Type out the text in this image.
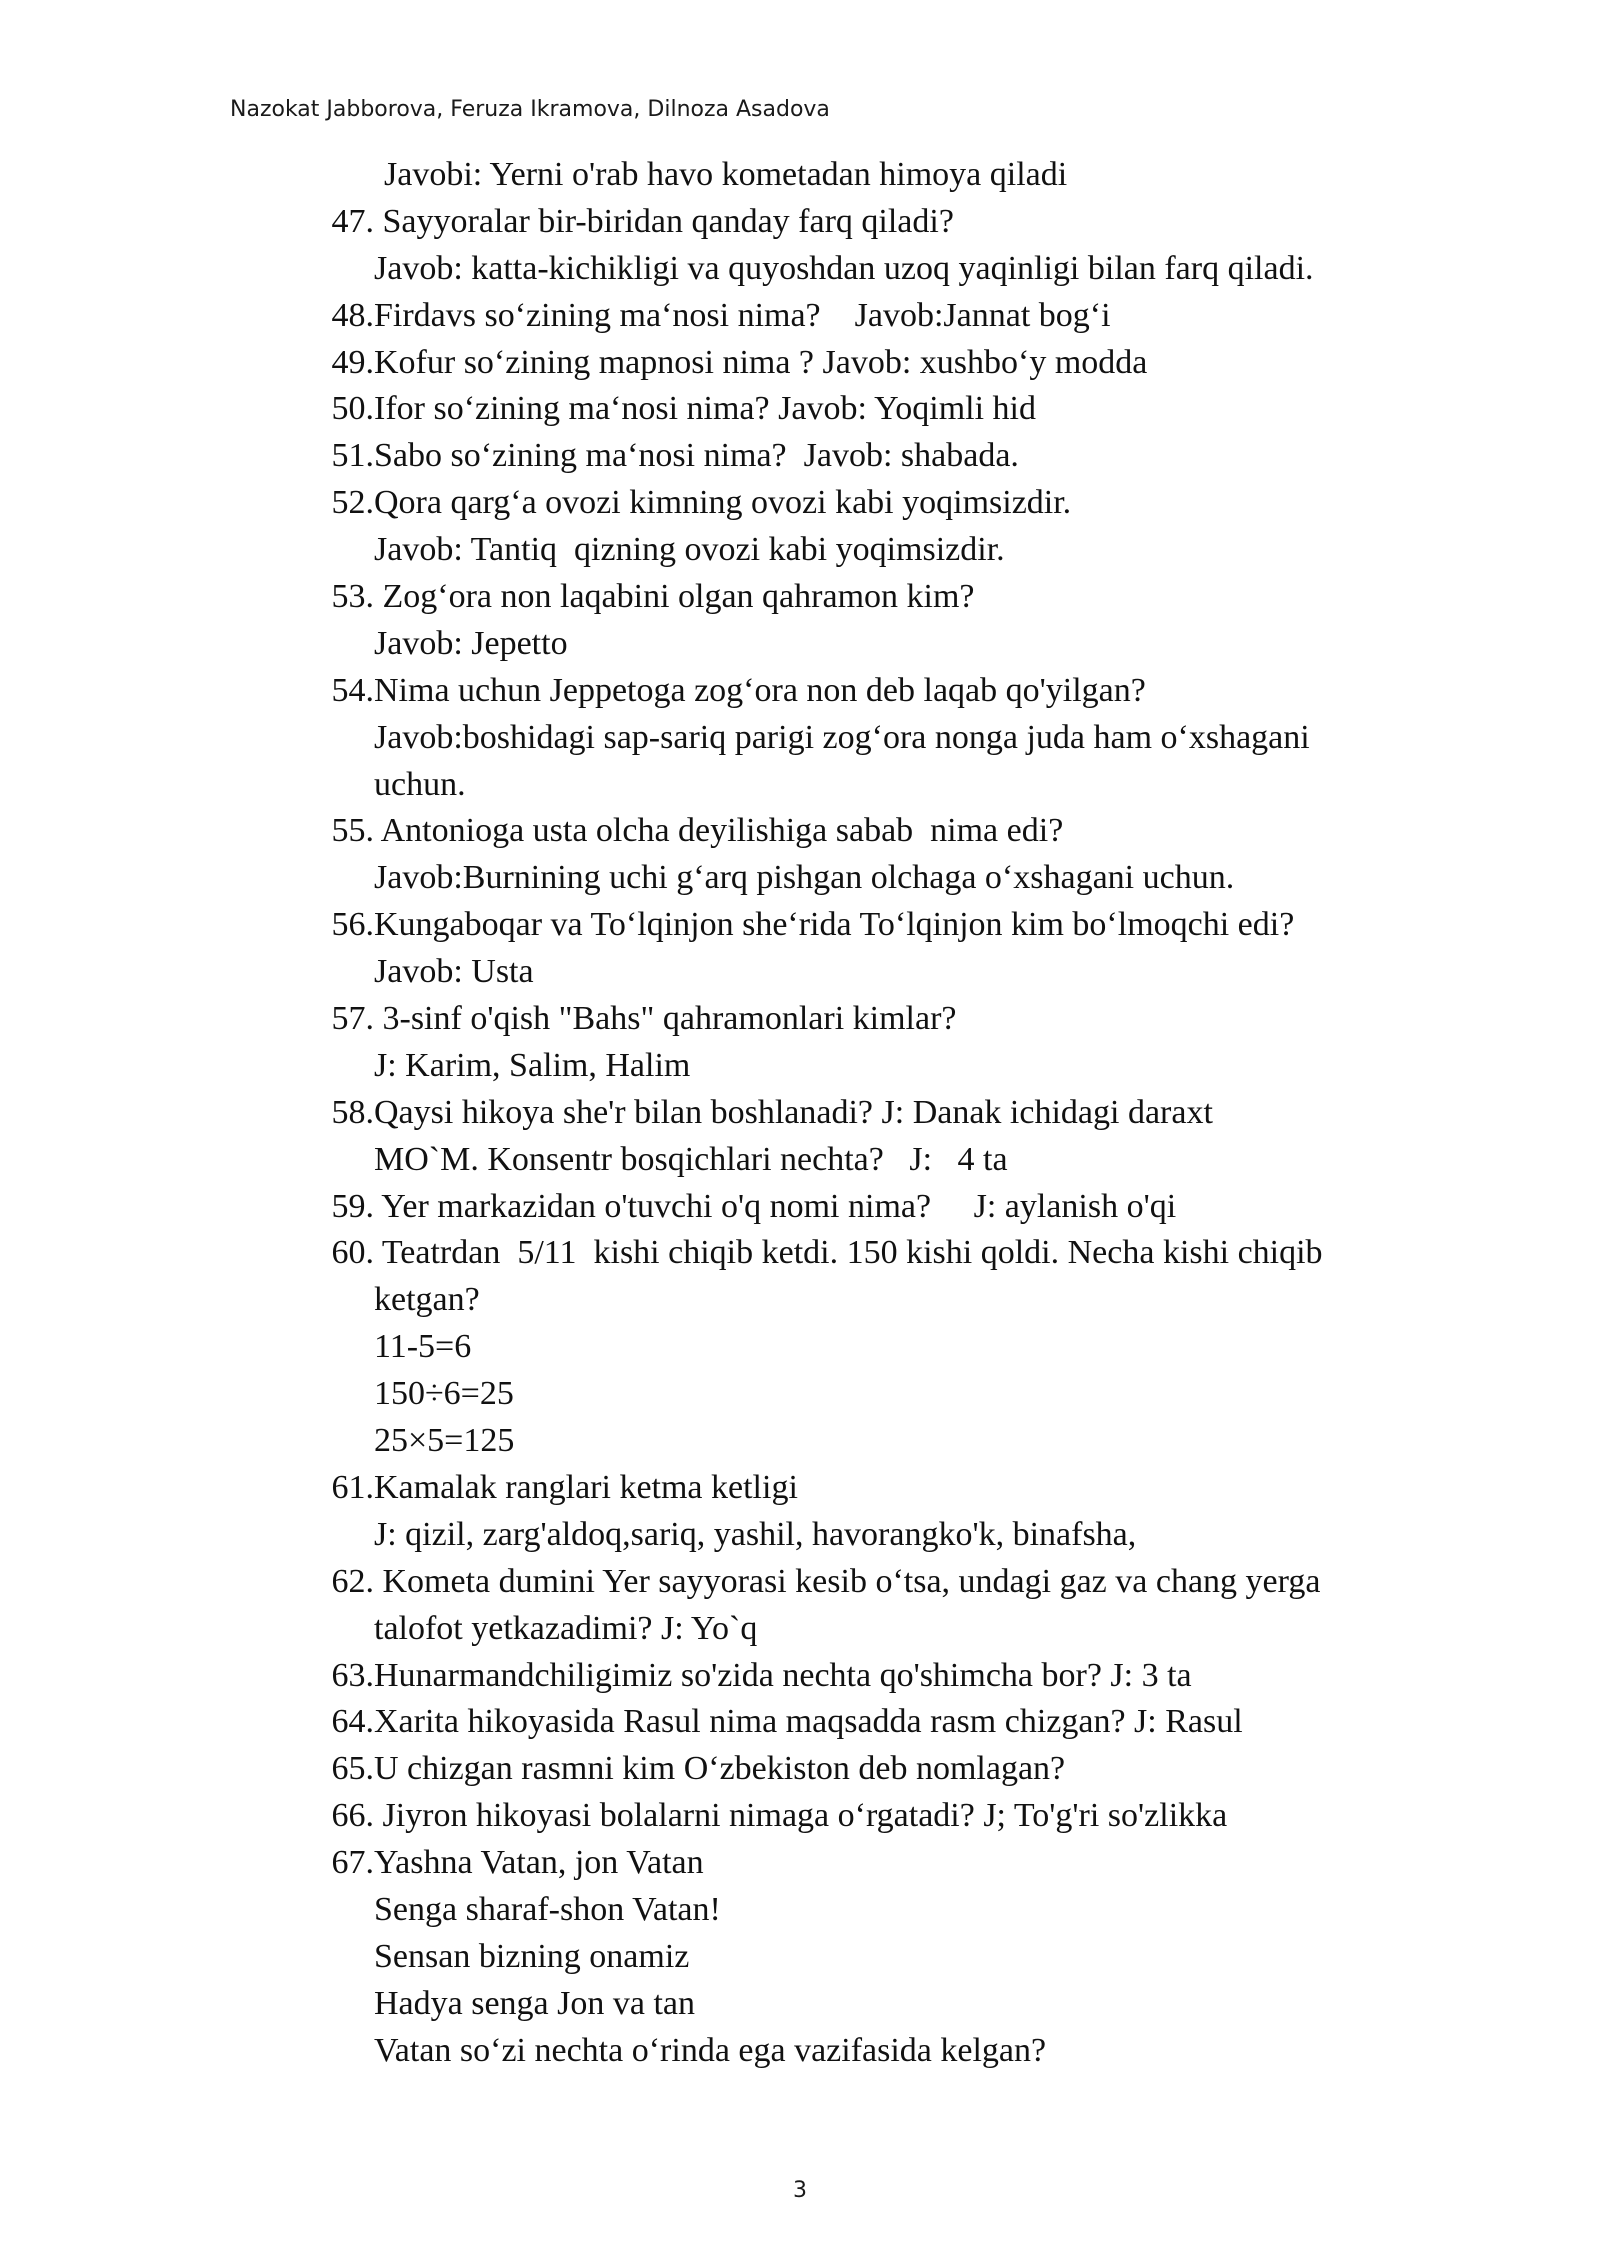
Nazokat Jabborova, Feruza Ikramova, Dilnoza Asadova
Javobi: Yerni o'rab havo kometadan himoya qiladi
47. Sayyoralar bir-biridan qanday farq qiladi?
Javob: katta-kichikligi va quyoshdan uzoq yaqinligi bilan farq qiladi.
48. Firdavs so‘zining ma‘nosi nima?    Javob:Jannat bog‘i
49. Kofur so‘zining mapnosi nima ? Javob: xushbo‘y modda
50. Ifor so‘zining ma‘nosi nima? Javob: Yoqimli hid
51. Sabo so‘zining ma‘nosi nima?  Javob: shabada.
52. Qora qarg‘a ovozi kimning ovozi kabi yoqimsizdir.
Javob: Tantiq  qizning ovozi kabi yoqimsizdir.
53. Zog‘ora non laqabini olgan qahramon kim?
Javob: Jepetto
54. Nima uchun Jeppetoga zog‘ora non deb laqab qo'yilgan?
Javob:boshidagi sap-sariq parigi zog‘ora nonga juda ham o‘xshagani
uchun.
55. Antonioga usta olcha deyilishiga sabab  nima edi?
Javob:Burnining uchi g‘arq pishgan olchaga o‘xshagani uchun.
56. Kungaboqar va To‘lqinjon she‘rida To‘lqinjon kim bo‘lmoqchi edi?
Javob: Usta
57. 3-sinf o'qish "Bahs" qahramonlari kimlar?
J: Karim, Salim, Halim
58. Qaysi hikoya she'r bilan boshlanadi? J: Danak ichidagi daraxt
MO`M. Konsentr bosqichlari nechta?   J:   4 ta
59. Yer markazidan o'tuvchi o'q nomi nima?     J: aylanish o'qi
60. Teatrdan  5/11  kishi chiqib ketdi. 150 kishi qoldi. Necha kishi chiqib
ketgan?
11-5=6
150÷6=25
25×5=125
61. Kamalak ranglari ketma ketligi
J: qizil, zarg'aldoq,sariq, yashil, havorangko'k, binafsha,
62. Kometa dumini Yer sayyorasi kesib o‘tsa, undagi gaz va chang yerga
talofot yetkazadimi? J: Yo`q
63. Hunarmandchiligimiz so'zida nechta qo'shimcha bor? J: 3 ta
64. Xarita hikoyasida Rasul nima maqsadda rasm chizgan? J: Rasul
65. U chizgan rasmni kim O‘zbekiston deb nomlagan?
66. Jiyron hikoyasi bolalarni nimaga o‘rgatadi? J; To'g'ri so'zlikka
67. Yashna Vatan, jon Vatan
Senga sharaf-shon Vatan!
Sensan bizning onamiz
Hadya senga Jon va tan
Vatan so‘zi nechta o‘rinda ega vazifasida kelgan?
3
